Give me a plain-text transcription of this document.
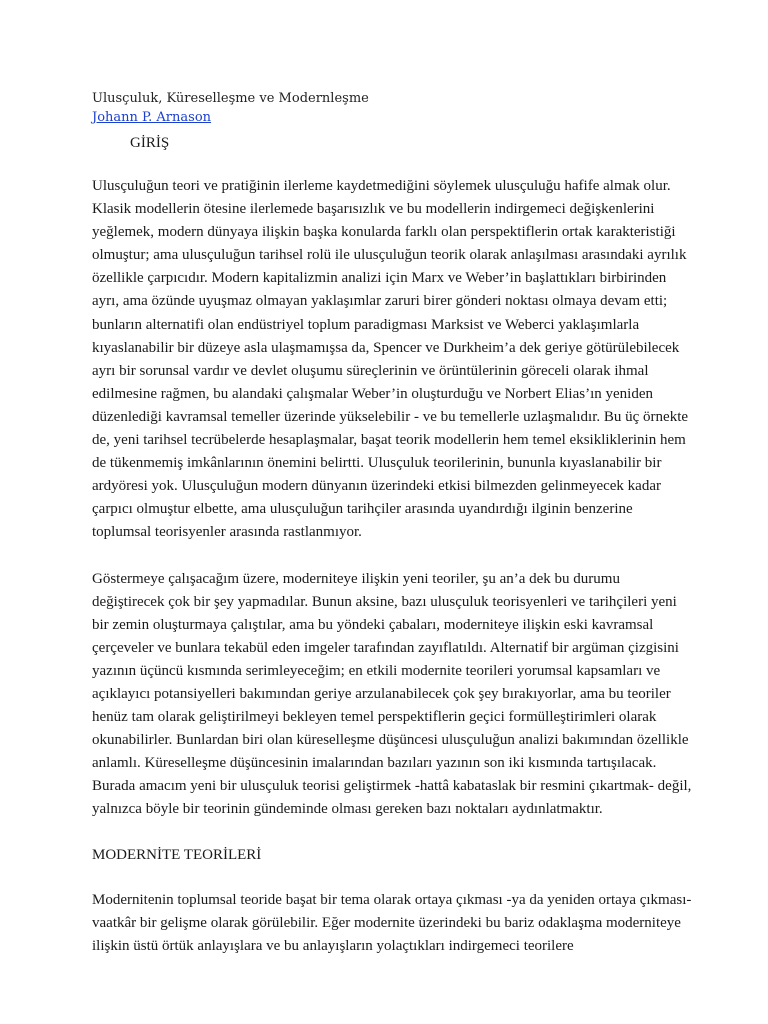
Ulusçuluk, Küreselleşme ve Modernleşme

Johann P. Arnason

GİRİŞ

Ulusçuluğun teori ve pratiğinin ilerleme kaydetmediğini söylemek ulusçuluğu hafife almak olur. Klasik modellerin ötesine ilerlemede başarısızlık ve bu modellerin indirgemeci değişkenlerini yeğlemek, modern dünyaya ilişkin başka konularda farklı olan perspektiflerin ortak karakteristiği olmuştur; ama ulusçuluğun tarihsel rolü ile ulusçuluğun teorik olarak anlaşılması arasındaki ayrılık özellikle çarpıcıdır. Modern kapitalizmin analizi için Marx ve Weber’in başlattıkları birbirinden ayrı, ama özünde uyuşmaz olmayan yaklaşımlar zaruri birer gönderi noktası olmaya devam etti; bunların alternatifi olan endüstriyel toplum paradigması Marksist ve Weberci yaklaşımlarla kıyaslanabilir bir düzeye asla ulaşmamışsa da, Spencer ve Durkheim’a dek geriye götürülebilecek ayrı bir sorunsal vardır ve devlet oluşumu süreçlerinin ve örüntülerinin göreceli olarak ihmal edilmesine rağmen, bu alandaki çalışmalar Weber’in oluşturduğu ve Norbert Elias’ın yeniden düzenlediği kavramsal temeller üzerinde yükselebilir - ve bu temellerle uzlaşmalıdır. Bu üç örnekte de, yeni tarihsel tecrübelerde hesaplaşmalar, başat teorik modellerin hem temel eksikliklerinin hem de tükenmemiş imkânlarının önemini belirtti. Ulusçuluk teorilerinin, bununla kıyaslanabilir bir ardyöresi yok. Ulusçuluğun modern dünyanın üzerindeki etkisi bilmezden gelinmeyecek kadar çarpıcı olmuştur elbette, ama ulusçuluğun tarihçiler arasında uyandırdığı ilginin benzerine toplumsal teorisyenler arasında rastlanmıyor.

Göstermeye çalışacağım üzere, moderniteye ilişkin yeni teoriler, şu an’a dek bu durumu değiştirecek çok bir şey yapmadılar. Bunun aksine, bazı ulusçuluk teorisyenleri ve tarihçileri yeni bir zemin oluşturmaya çalıştılar, ama bu yöndeki çabaları, moderniteye ilişkin eski kavramsal çerçeveler ve bunlara tekabül eden imgeler tarafından zayıflatıldı. Alternatif bir argüman çizgisini yazının üçüncü kısmında serimleyeceğim; en etkili modernite teorileri yorumsal kapsamları ve açıklayıcı potansiyelleri bakımından geriye arzulanabilecek çok şey bırakıyorlar, ama bu teoriler henüz tam olarak geliştirilmeyi bekleyen temel perspektiflerin geçici formülleştirimleri olarak okunabilirler. Bunlardan biri olan küreselleşme düşüncesi ulusçuluğun analizi bakımından özellikle anlamlı. Küreselleşme düşüncesinin imalarından bazıları yazının son iki kısmında tartışılacak. Burada amacım yeni bir ulusçuluk teorisi geliştirmek -hattâ kabataslak bir resmini çıkartmak- değil, yalnızca böyle bir teorinin gündeminde olması gereken bazı noktaları aydınlatmaktır.

MODERNİTE TEORİLERİ

Modernitenin toplumsal teoride başat bir tema olarak ortaya çıkması -ya da yeniden ortaya çıkması- vaatkâr bir gelişme olarak görülebilir. Eğer modernite üzerindeki bu bariz odaklaşma moderniteye ilişkin üstü örtük anlayışlara ve bu anlayışların yolaçtıkları indirgemeci teorilere
